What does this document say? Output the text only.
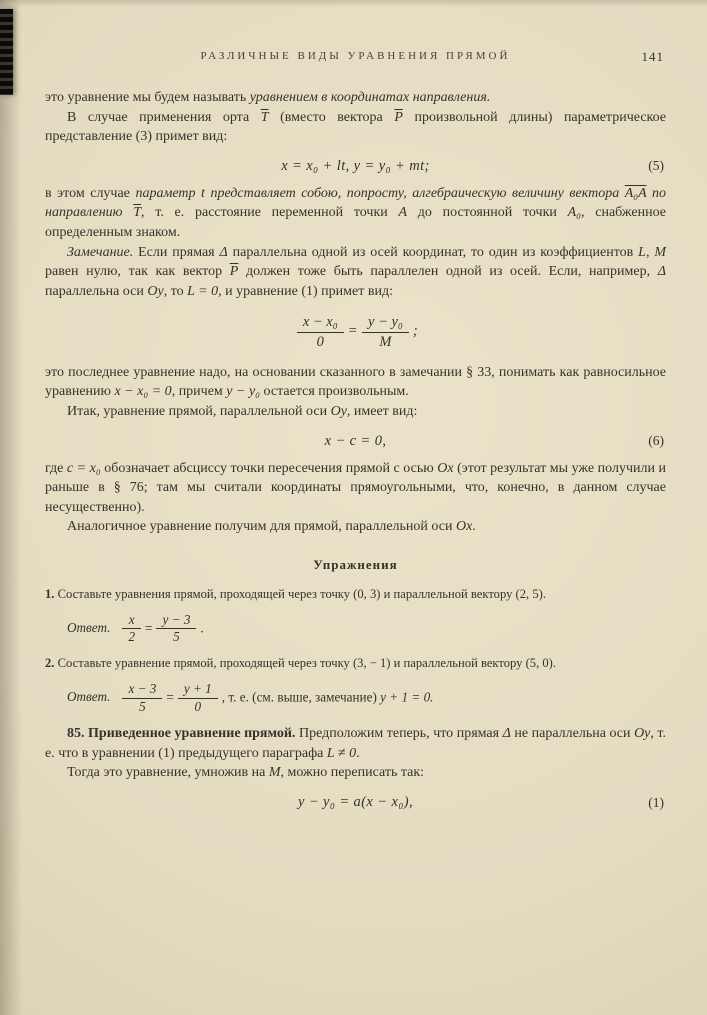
РАЗЛИЧНЫЕ ВИДЫ УРАВНЕНИЯ ПРЯМОЙ	141

это уравнение мы будем называть уравнением в координатах направления.

В случае применения орта $\overline{T}$ (вместо вектора $\overline{P}$ произвольной длины) параметрическое представление (3) примет вид:

x = x₀ + lt, y = y₀ + mt;	(5)

в этом случае параметр t представляет собою, попросту, алгебраическую величину вектора A₀A по направлению $\overline{T}$, т. е. расстояние переменной точки A до постоянной точки A₀, снабженное определенным знаком.

Замечание. Если прямая Δ параллельна одной из осей координат, то один из коэффициентов L, M равен нулю, так как вектор $\overline{P}$ должен тоже быть параллелен одной из осей. Если, например, Δ параллельна оси Oy, то L = 0, и уравнение (1) примет вид:

$\frac{\text{x − x₀}}{0} = \frac{\text{y − y₀}}{M}$ ;

это последнее уравнение надо, на основании сказанного в замечании § 33, понимать как равносильное уравнению x − x₀ = 0, причем y − y₀ остается произвольным.

Итак, уравнение прямой, параллельной оси Oy, имеет вид:

x − c = 0,	(6)

где c = x₀ обозначает абсциссу точки пересечения прямой с осью Ox (этот результат мы уже получили и раньше в § 76; там мы считали координаты прямоугольными, что, конечно, в данном случае несущественно).

Аналогичное уравнение получим для прямой, параллельной оси Ox.

Упражнения

1. Составьте уравнения прямой, проходящей через точку (0, 3) и параллельной вектору (2, 5).

Ответ. $\frac{x}{2} = \frac{y - 3}{5}$ .

2. Составьте уравнение прямой, проходящей через точку (3, − 1) и параллельной вектору (5, 0).

Ответ. $\frac{x - 3}{5} = \frac{y + 1}{0}$ , т. е. (см. выше, замечание) y + 1 = 0.

85. Приведенное уравнение прямой. Предположим теперь, что прямая Δ не параллельна оси Oy, т. е. что в уравнении (1) предыдущего параграфа L ≠ 0.

Тогда это уравнение, умножив на M, можно переписать так:

y − y₀ = a(x − x₀),	(1)
